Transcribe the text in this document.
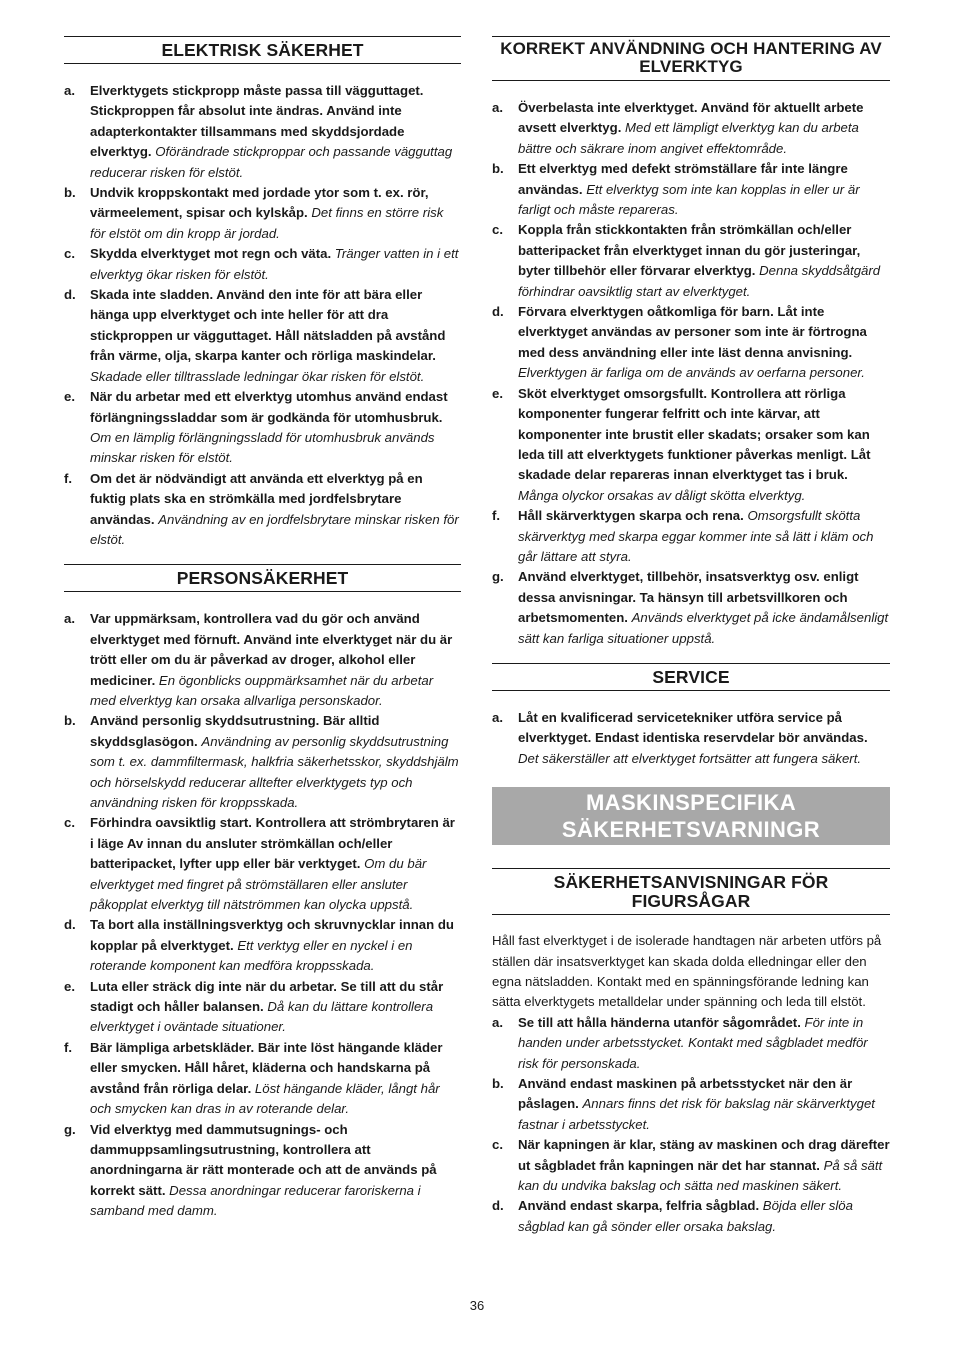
ELEKTRISK SÄKERHET
a. Elverktygets stickpropp måste passa till vägguttaget. Stickproppen får absolut inte ändras. Använd inte adapterkontakter tillsammans med skyddsjordade elverktyg. Oförändrade stickproppar och passande vägguttag reducerar risken för elstöt.
b. Undvik kroppskontakt med jordade ytor som t. ex. rör, värmeelement, spisar och kylskåp. Det finns en större risk för elstöt om din kropp är jordad.
c. Skydda elverktyget mot regn och väta. Tränger vatten in i ett elverktyg ökar risken för elstöt.
d. Skada inte sladden. Använd den inte för att bära eller hänga upp elverktyget och inte heller för att dra stickproppen ur vägguttaget. Håll nätsladden på avstånd från värme, olja, skarpa kanter och rörliga maskindelar. Skadade eller tilltrasslade ledningar ökar risken för elstöt.
e. När du arbetar med ett elverktyg utomhus använd endast förlängningssladdar som är godkända för utomhusbruk. Om en lämplig förlängningssladd för utomhusbruk används minskar risken för elstöt.
f. Om det är nödvändigt att använda ett elverktyg på en fuktig plats ska en strömkälla med jordfelsbrytare användas. Användning av en jordfelsbrytare minskar risken för elstöt.
PERSONSÄKERHET
a. Var uppmärksam, kontrollera vad du gör och använd elverktyget med förnuft. Använd inte elverktyget när du är trött eller om du är påverkad av droger, alkohol eller mediciner. En ögonblicks ouppmärksamhet när du arbetar med elverktyg kan orsaka allvarliga personskador.
b. Använd personlig skyddsutrustning. Bär alltid skyddsglasögon. Användning av personlig skyddsutrustning som t. ex. dammfiltermask, halkfria säkerhetsskor, skyddshjälm och hörselskydd reducerar alltefter elverktygets typ och användning risken för kroppsskada.
c. Förhindra oavsiktlig start. Kontrollera att strömbrytaren är i läge Av innan du ansluter strömkällan och/eller batteripacket, lyfter upp eller bär verktyget. Om du bär elverktyget med fingret på strömställaren eller ansluter påkopplat elverktyg till nätströmmen kan olycka uppstå.
d. Ta bort alla inställningsverktyg och skruvnycklar innan du kopplar på elverktyget. Ett verktyg eller en nyckel i en roterande komponent kan medföra kroppsskada.
e. Luta eller sträck dig inte när du arbetar. Se till att du står stadigt och håller balansen. Då kan du lättare kontrollera elverktyget i oväntade situationer.
f. Bär lämpliga arbetskläder. Bär inte löst hängande kläder eller smycken. Håll håret, kläderna och handskarna på avstånd från rörliga delar. Löst hängande kläder, långt hår och smycken kan dras in av roterande delar.
g. Vid elverktyg med dammutsugnings- och dammuppsamlingsutrustning, kontrollera att anordningarna är rätt monterade och att de används på korrekt sätt. Dessa anordningar reducerar faroriskerna i samband med damm.
KORREKT ANVÄNDNING OCH HANTERING AV ELVERKTYG
a. Överbelasta inte elverktyget. Använd för aktuellt arbete avsett elverktyg. Med ett lämpligt elverktyg kan du arbeta bättre och säkrare inom angivet effektområde.
b. Ett elverktyg med defekt strömställare får inte längre användas. Ett elverktyg som inte kan kopplas in eller ur är farligt och måste repareras.
c. Koppla från stickkontakten från strömkällan och/eller batteripacket från elverktyget innan du gör justeringar, byter tillbehör eller förvarar elverktyg. Denna skyddsåtgärd förhindrar oavsiktlig start av elverktyget.
d. Förvara elverktygen oåtkomliga för barn. Låt inte elverktyget användas av personer som inte är förtrogna med dess användning eller inte läst denna anvisning. Elverktygen är farliga om de används av oerfarna personer.
e. Sköt elverktyget omsorgsfullt. Kontrollera att rörliga komponenter fungerar felfritt och inte kärvar, att komponenter inte brustit eller skadats; orsaker som kan leda till att elverktygets funktioner påverkas menligt. Låt skadade delar repareras innan elverktyget tas i bruk. Många olyckor orsakas av dåligt skötta elverktyg.
f. Håll skärverktygen skarpa och rena. Omsorgsfullt skötta skärverktyg med skarpa eggar kommer inte så lätt i kläm och går lättare att styra.
g. Använd elverktyget, tillbehör, insatsverktyg osv. enligt dessa anvisningar. Ta hänsyn till arbetsvillkoren och arbetsmomenten. Används elverktyget på icke ändamålsenligt sätt kan farliga situationer uppstå.
SERVICE
a. Låt en kvalificerad servicetekniker utföra service på elverktyget. Endast identiska reservdelar bör användas. Det säkerställer att elverktyget fortsätter att fungera säkert.
MASKINSPECIFIKA
SÄKERHETSVARNINGR
SÄKERHETSANVISNINGAR FÖR FIGURSÅGAR

Håll fast elverktyget i de isolerade handtagen när arbeten utförs på ställen där insatsverktyget kan skada dolda elledningar eller den egna nätsladden. Kontakt med en spänningsförande ledning kan sätta elverktygets metalldelar under spänning och leda till elstöt.

a. Se till att hålla händerna utanför sågområdet. För inte in handen under arbetsstycket. Kontakt med sågbladet medför risk för personskada.
b. Använd endast maskinen på arbetsstycket när den är påslagen. Annars finns det risk för bakslag när skärverktyget fastnar i arbetsstycket.
c. När kapningen är klar, stäng av maskinen och drag därefter ut sågbladet från kapningen när det har stannat. På så sätt kan du undvika bakslag och sätta ned maskinen säkert.
d. Använd endast skarpa, felfria sågblad. Böjda eller slöa sågblad kan gå sönder eller orsaka bakslag.
36
